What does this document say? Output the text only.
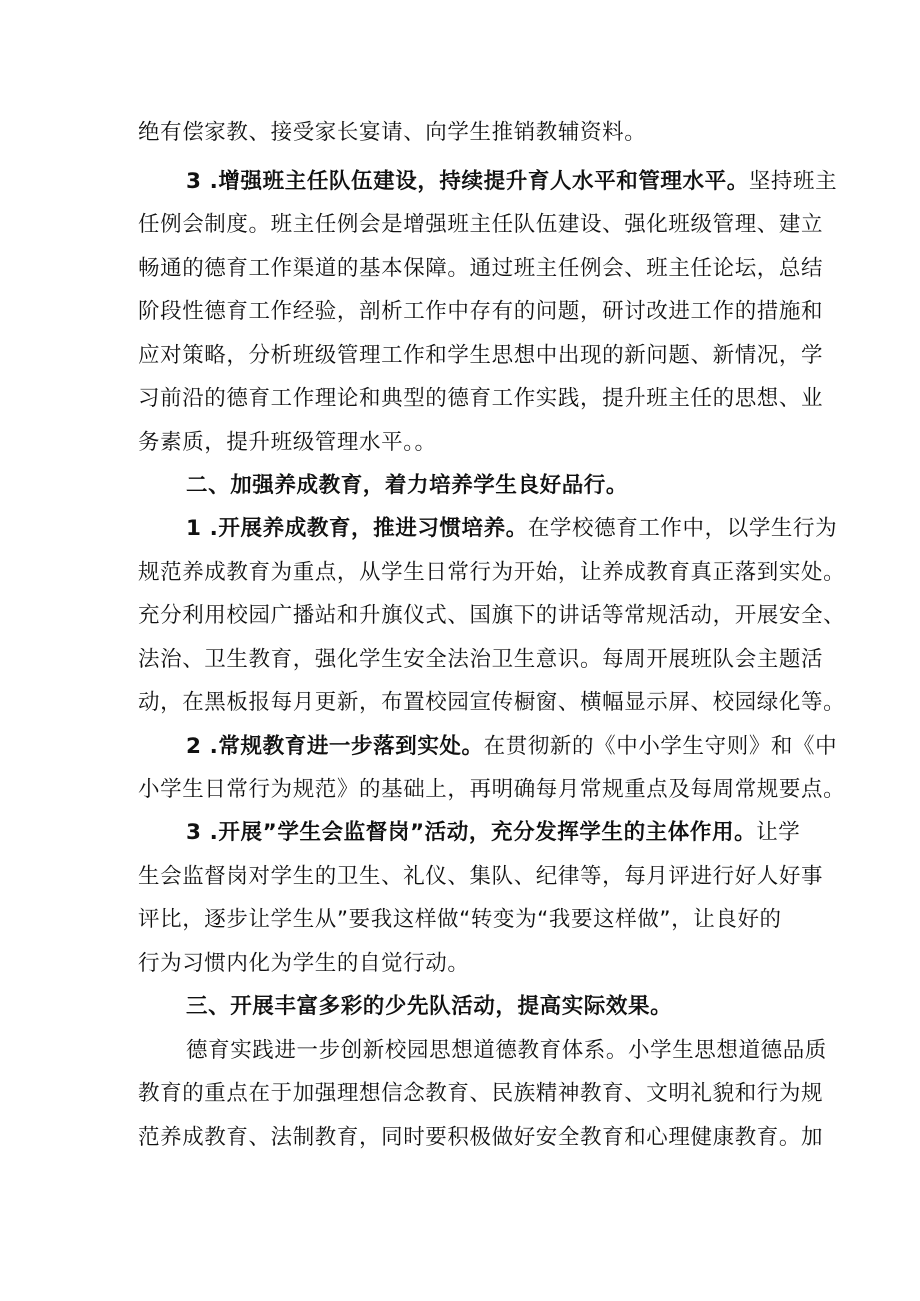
绝有偿家教、接受家长宴请、向学生推销教辅资料。
3 .增强班主任队伍建设，持续提升育人水平和管理水平。坚持班主
任例会制度。班主任例会是增强班主任队伍建设、强化班级管理、建立
畅通的德育工作渠道的基本保障。通过班主任例会、班主任论坛，总结
阶段性德育工作经验，剖析工作中存有的问题，研讨改进工作的措施和
应对策略，分析班级管理工作和学生思想中出现的新问题、新情况，学
习前沿的德育工作理论和典型的德育工作实践，提升班主任的思想、业
务素质，提升班级管理水平。。
二、加强养成教育，着力培养学生良好品行。
1 .开展养成教育，推进习惯培养。在学校德育工作中，以学生行为
规范养成教育为重点，从学生日常行为开始，让养成教育真正落到实处。
充分利用校园广播站和升旗仪式、国旗下的讲话等常规活动，开展安全、
法治、卫生教育，强化学生安全法治卫生意识。每周开展班队会主题活
动，在黑板报每月更新，布置校园宣传橱窗、横幅显示屏、校园绿化等。
2 .常规教育进一步落到实处。在贯彻新的《中小学生守则》和《中
小学生日常行为规范》的基础上，再明确每月常规重点及每周常规要点。
3 .开展”学生会监督岗”活动，充分发挥学生的主体作用。让学
生会监督岗对学生的卫生、礼仪、集队、纪律等，每月评进行好人好事
评比，逐步让学生从”要我这样做“转变为“我要这样做”，让良好的
行为习惯内化为学生的自觉行动。
三、开展丰富多彩的少先队活动，提高实际效果。
德育实践进一步创新校园思想道德教育体系。小学生思想道德品质
教育的重点在于加强理想信念教育、民族精神教育、文明礼貌和行为规
范养成教育、法制教育，同时要积极做好安全教育和心理健康教育。加
